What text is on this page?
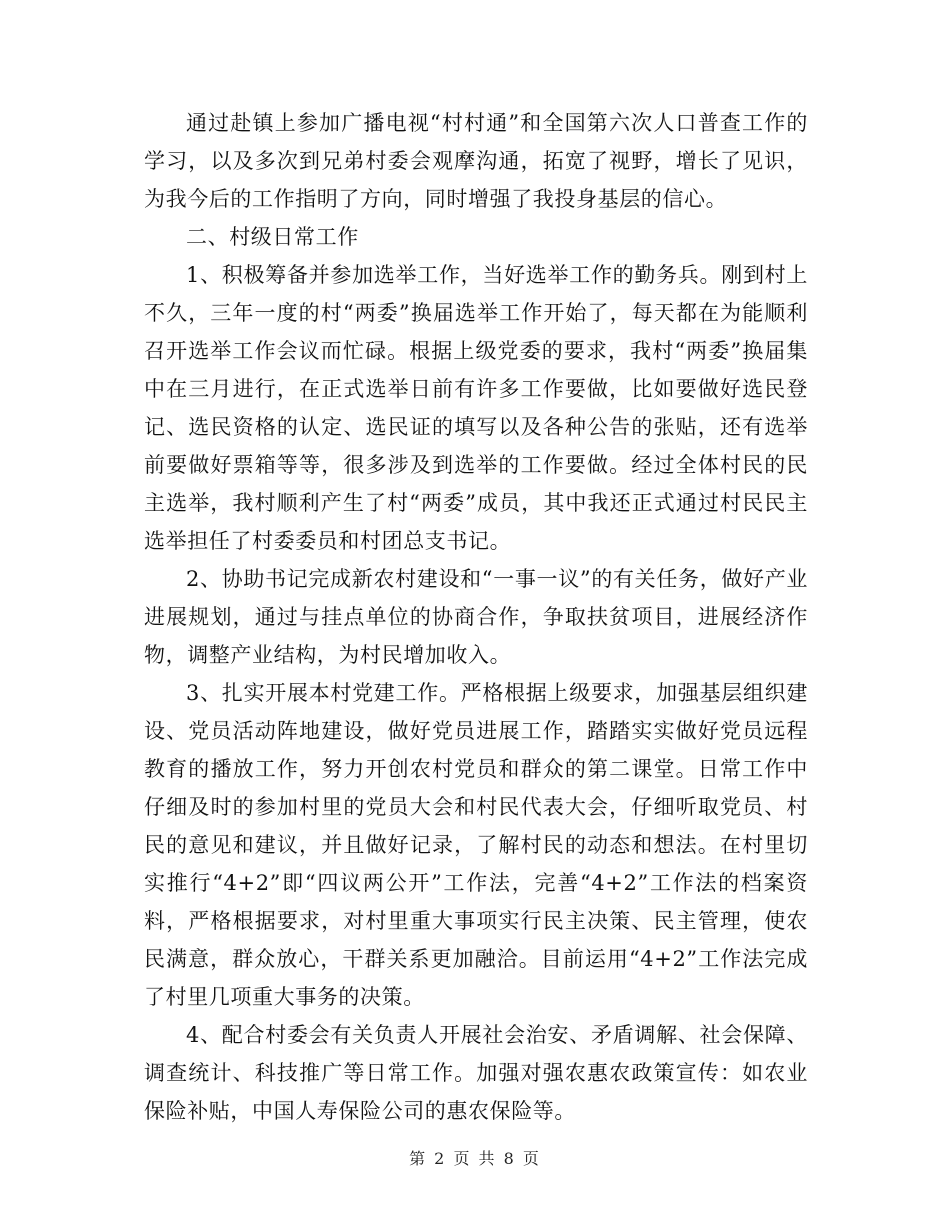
通过赴镇上参加广播电视“村村通”和全国第六次人口普查工作的学习，以及多次到兄弟村委会观摩沟通，拓宽了视野，增长了见识，为我今后的工作指明了方向，同时增强了我投身基层的信心。

二、村级日常工作

1、积极筹备并参加选举工作，当好选举工作的勤务兵。刚到村上不久，三年一度的村“两委”换届选举工作开始了，每天都在为能顺利召开选举工作会议而忙碌。根据上级党委的要求，我村“两委”换届集中在三月进行，在正式选举日前有许多工作要做，比如要做好选民登记、选民资格的认定、选民证的填写以及各种公告的张贴，还有选举前要做好票箱等等，很多涉及到选举的工作要做。经过全体村民的民主选举，我村顺利产生了村“两委”成员，其中我还正式通过村民民主选举担任了村委委员和村团总支书记。

2、协助书记完成新农村建设和“一事一议”的有关任务，做好产业进展规划，通过与挂点单位的协商合作，争取扶贫项目，进展经济作物，调整产业结构，为村民增加收入。

3、扎实开展本村党建工作。严格根据上级要求，加强基层组织建设、党员活动阵地建设，做好党员进展工作，踏踏实实做好党员远程教育的播放工作，努力开创农村党员和群众的第二课堂。日常工作中仔细及时的参加村里的党员大会和村民代表大会，仔细听取党员、村民的意见和建议，并且做好记录，了解村民的动态和想法。在村里切实推行“4+2”即“四议两公开”工作法，完善“4+2”工作法的档案资料，严格根据要求，对村里重大事项实行民主决策、民主管理，使农民满意，群众放心，干群关系更加融洽。目前运用“4+2”工作法完成了村里几项重大事务的决策。

4、配合村委会有关负责人开展社会治安、矛盾调解、社会保障、调查统计、科技推广等日常工作。加强对强农惠农政策宣传：如农业保险补贴，中国人寿保险公司的惠农保险等。

第 2 页 共 8 页
